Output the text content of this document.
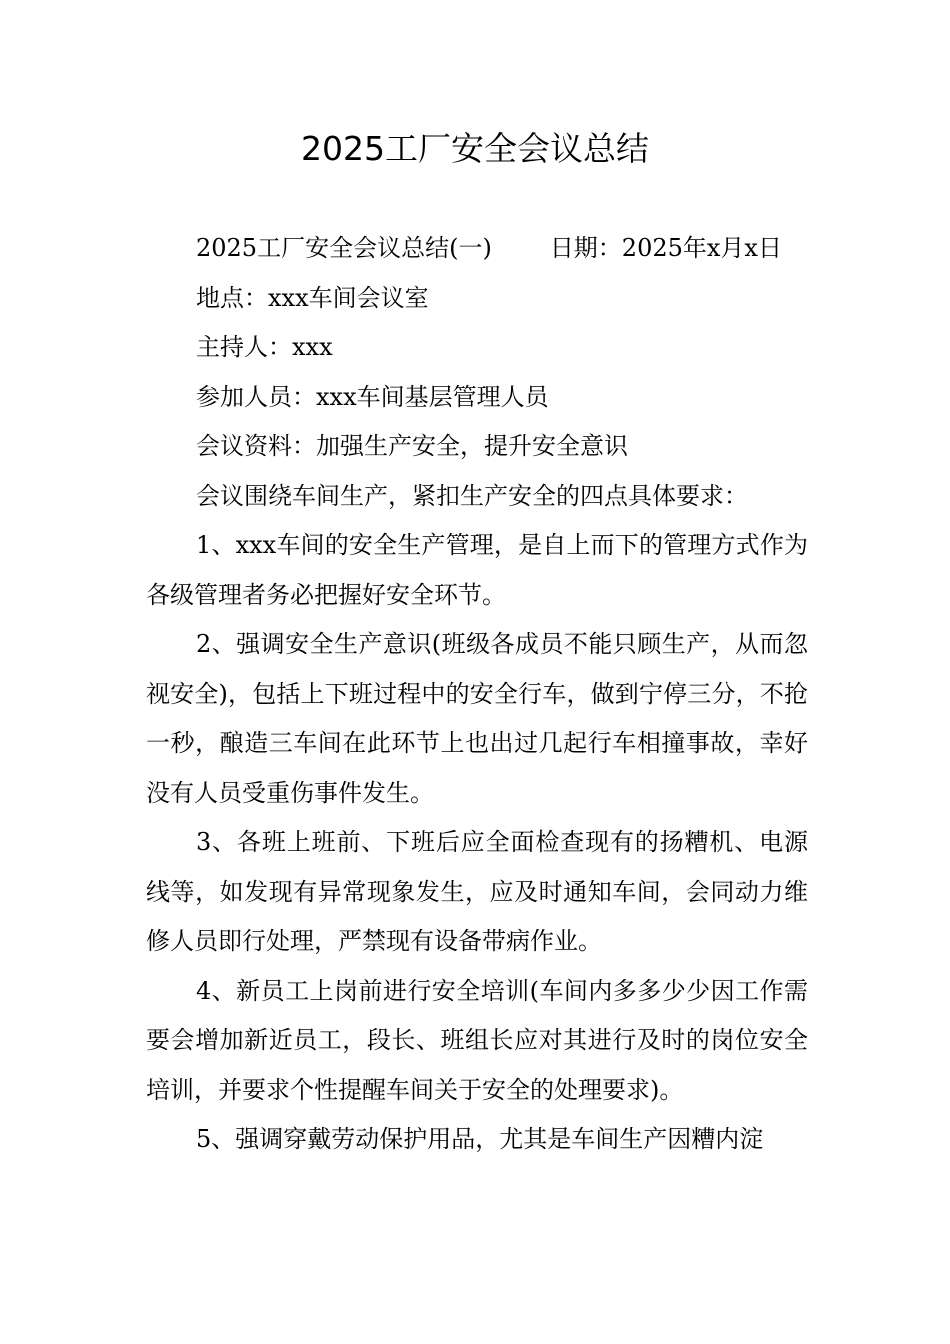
2025工厂安全会议总结

2025工厂安全会议总结(一) 日期：2025年x月x日

地点：xxx车间会议室

主持人：xxx

参加人员：xxx车间基层管理人员

会议资料：加强生产安全，提升安全意识

会议围绕车间生产，紧扣生产安全的四点具体要求：

1、xxx车间的安全生产管理，是自上而下的管理方式作为各级管理者务必把握好安全环节。

2、强调安全生产意识(班级各成员不能只顾生产，从而忽视安全)，包括上下班过程中的安全行车，做到宁停三分，不抢一秒，酿造三车间在此环节上也出过几起行车相撞事故，幸好没有人员受重伤事件发生。

3、各班上班前、下班后应全面检查现有的扬糟机、电源线等，如发现有异常现象发生，应及时通知车间，会同动力维修人员即行处理，严禁现有设备带病作业。

4、新员工上岗前进行安全培训(车间内多多少少因工作需要会增加新近员工，段长、班组长应对其进行及时的岗位安全培训，并要求个性提醒车间关于安全的处理要求)。

5、强调穿戴劳动保护用品，尤其是车间生产因糟内淀
